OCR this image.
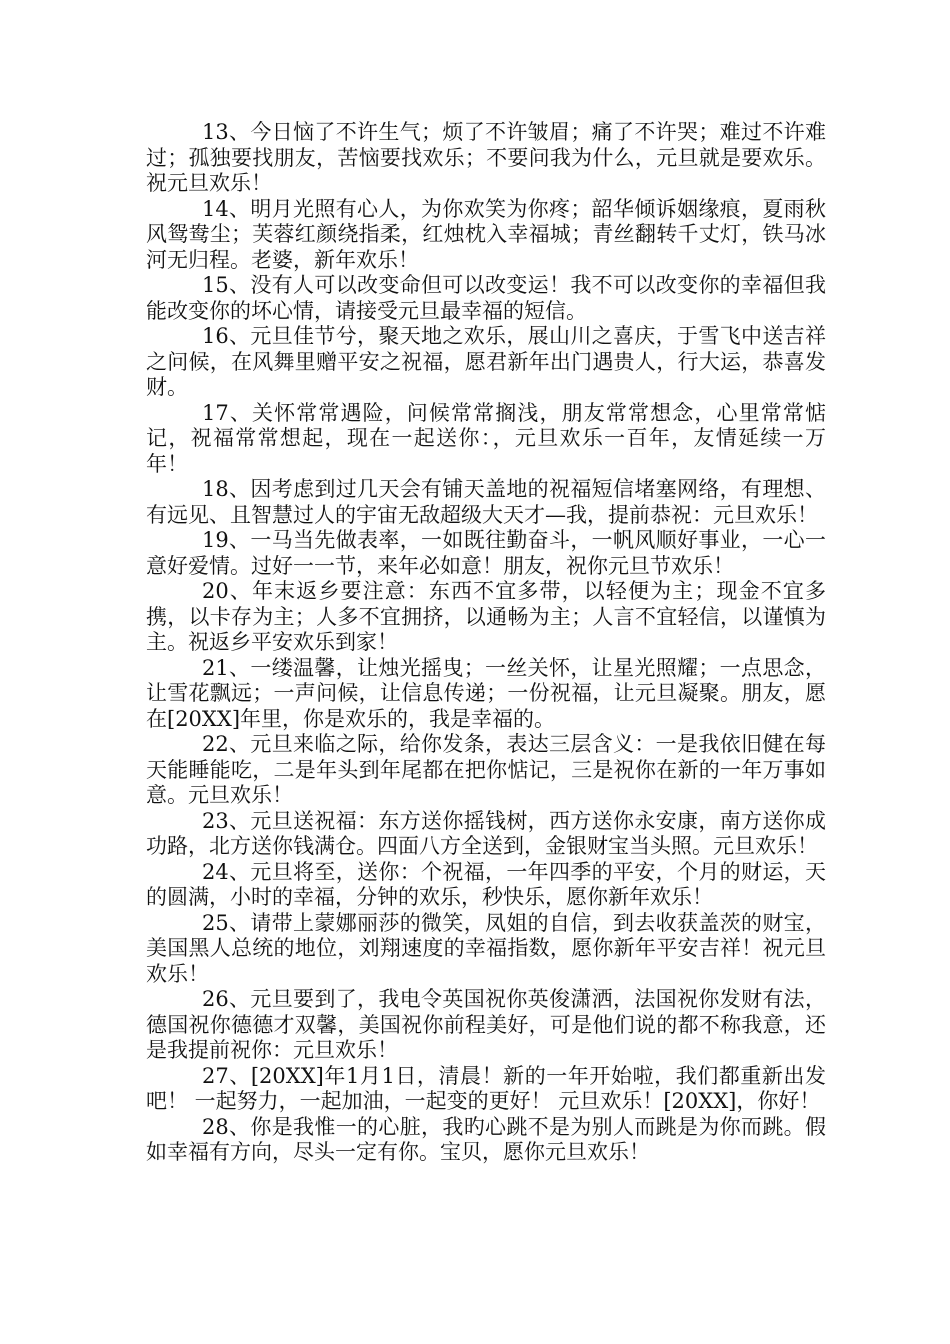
13、今日恼了不许生气；烦了不许皱眉；痛了不许哭；难过不许难过；孤独要找朋友，苦恼要找欢乐；不要问我为什么，元旦就是要欢乐。祝元旦欢乐！

14、明月光照有心人，为你欢笑为你疼；韶华倾诉姻缘痕，夏雨秋风鸳鸯尘；芙蓉红颜绕指柔，红烛枕入幸福城；青丝翻转千丈灯，铁马冰河无归程。老婆，新年欢乐！

15、没有人可以改变命但可以改变运！我不可以改变你的幸福但我能改变你的坏心情，请接受元旦最幸福的短信。

16、元旦佳节兮，聚天地之欢乐，展山川之喜庆，于雪飞中送吉祥之问候，在风舞里赠平安之祝福，愿君新年出门遇贵人，行大运，恭喜发财。

17、关怀常常遇险，问候常常搁浅，朋友常常想念，心里常常惦记，祝福常常想起，现在一起送你：，元旦欢乐一百年，友情延续一万年！

18、因考虑到过几天会有铺天盖地的祝福短信堵塞网络，有理想、有远见、且智慧过人的宇宙无敌超级大天才—我，提前恭祝：元旦欢乐！

19、一马当先做表率，一如既往勤奋斗，一帆风顺好事业，一心一意好爱情。过好一一节，来年必如意！朋友，祝你元旦节欢乐！

20、年末返乡要注意：东西不宜多带，以轻便为主；现金不宜多携，以卡存为主；人多不宜拥挤，以通畅为主；人言不宜轻信，以谨慎为主。祝返乡平安欢乐到家！

21、一缕温馨，让烛光摇曳；一丝关怀，让星光照耀；一点思念，让雪花飘远；一声问候，让信息传递；一份祝福，让元旦凝聚。朋友，愿在[20XX]年里，你是欢乐的，我是幸福的。

22、元旦来临之际，给你发条，表达三层含义：一是我依旧健在每天能睡能吃，二是年头到年尾都在把你惦记，三是祝你在新的一年万事如意。元旦欢乐！

23、元旦送祝福：东方送你摇钱树，西方送你永安康，南方送你成功路，北方送你钱满仓。四面八方全送到，金银财宝当头照。元旦欢乐！

24、元旦将至，送你：个祝福，一年四季的平安，个月的财运，天的圆满，小时的幸福，分钟的欢乐，秒快乐，愿你新年欢乐！

25、请带上蒙娜丽莎的微笑，凤姐的自信，到去收获盖茨的财宝，美国黑人总统的地位，刘翔速度的幸福指数，愿你新年平安吉祥！祝元旦欢乐！

26、元旦要到了，我电令英国祝你英俊潇洒，法国祝你发财有法，德国祝你德德才双馨，美国祝你前程美好，可是他们说的都不称我意，还是我提前祝你：元旦欢乐！

27、[20XX]年1月1日，清晨！新的一年开始啦，我们都重新出发吧！ 一起努力，一起加油，一起变的更好！ 元旦欢乐！[20XX]，你好！

28、你是我惟一的心脏，我旳心跳不是为别人而跳是为你而跳。假如幸福有方向，尽头一定有你。宝贝，愿你元旦欢乐！
